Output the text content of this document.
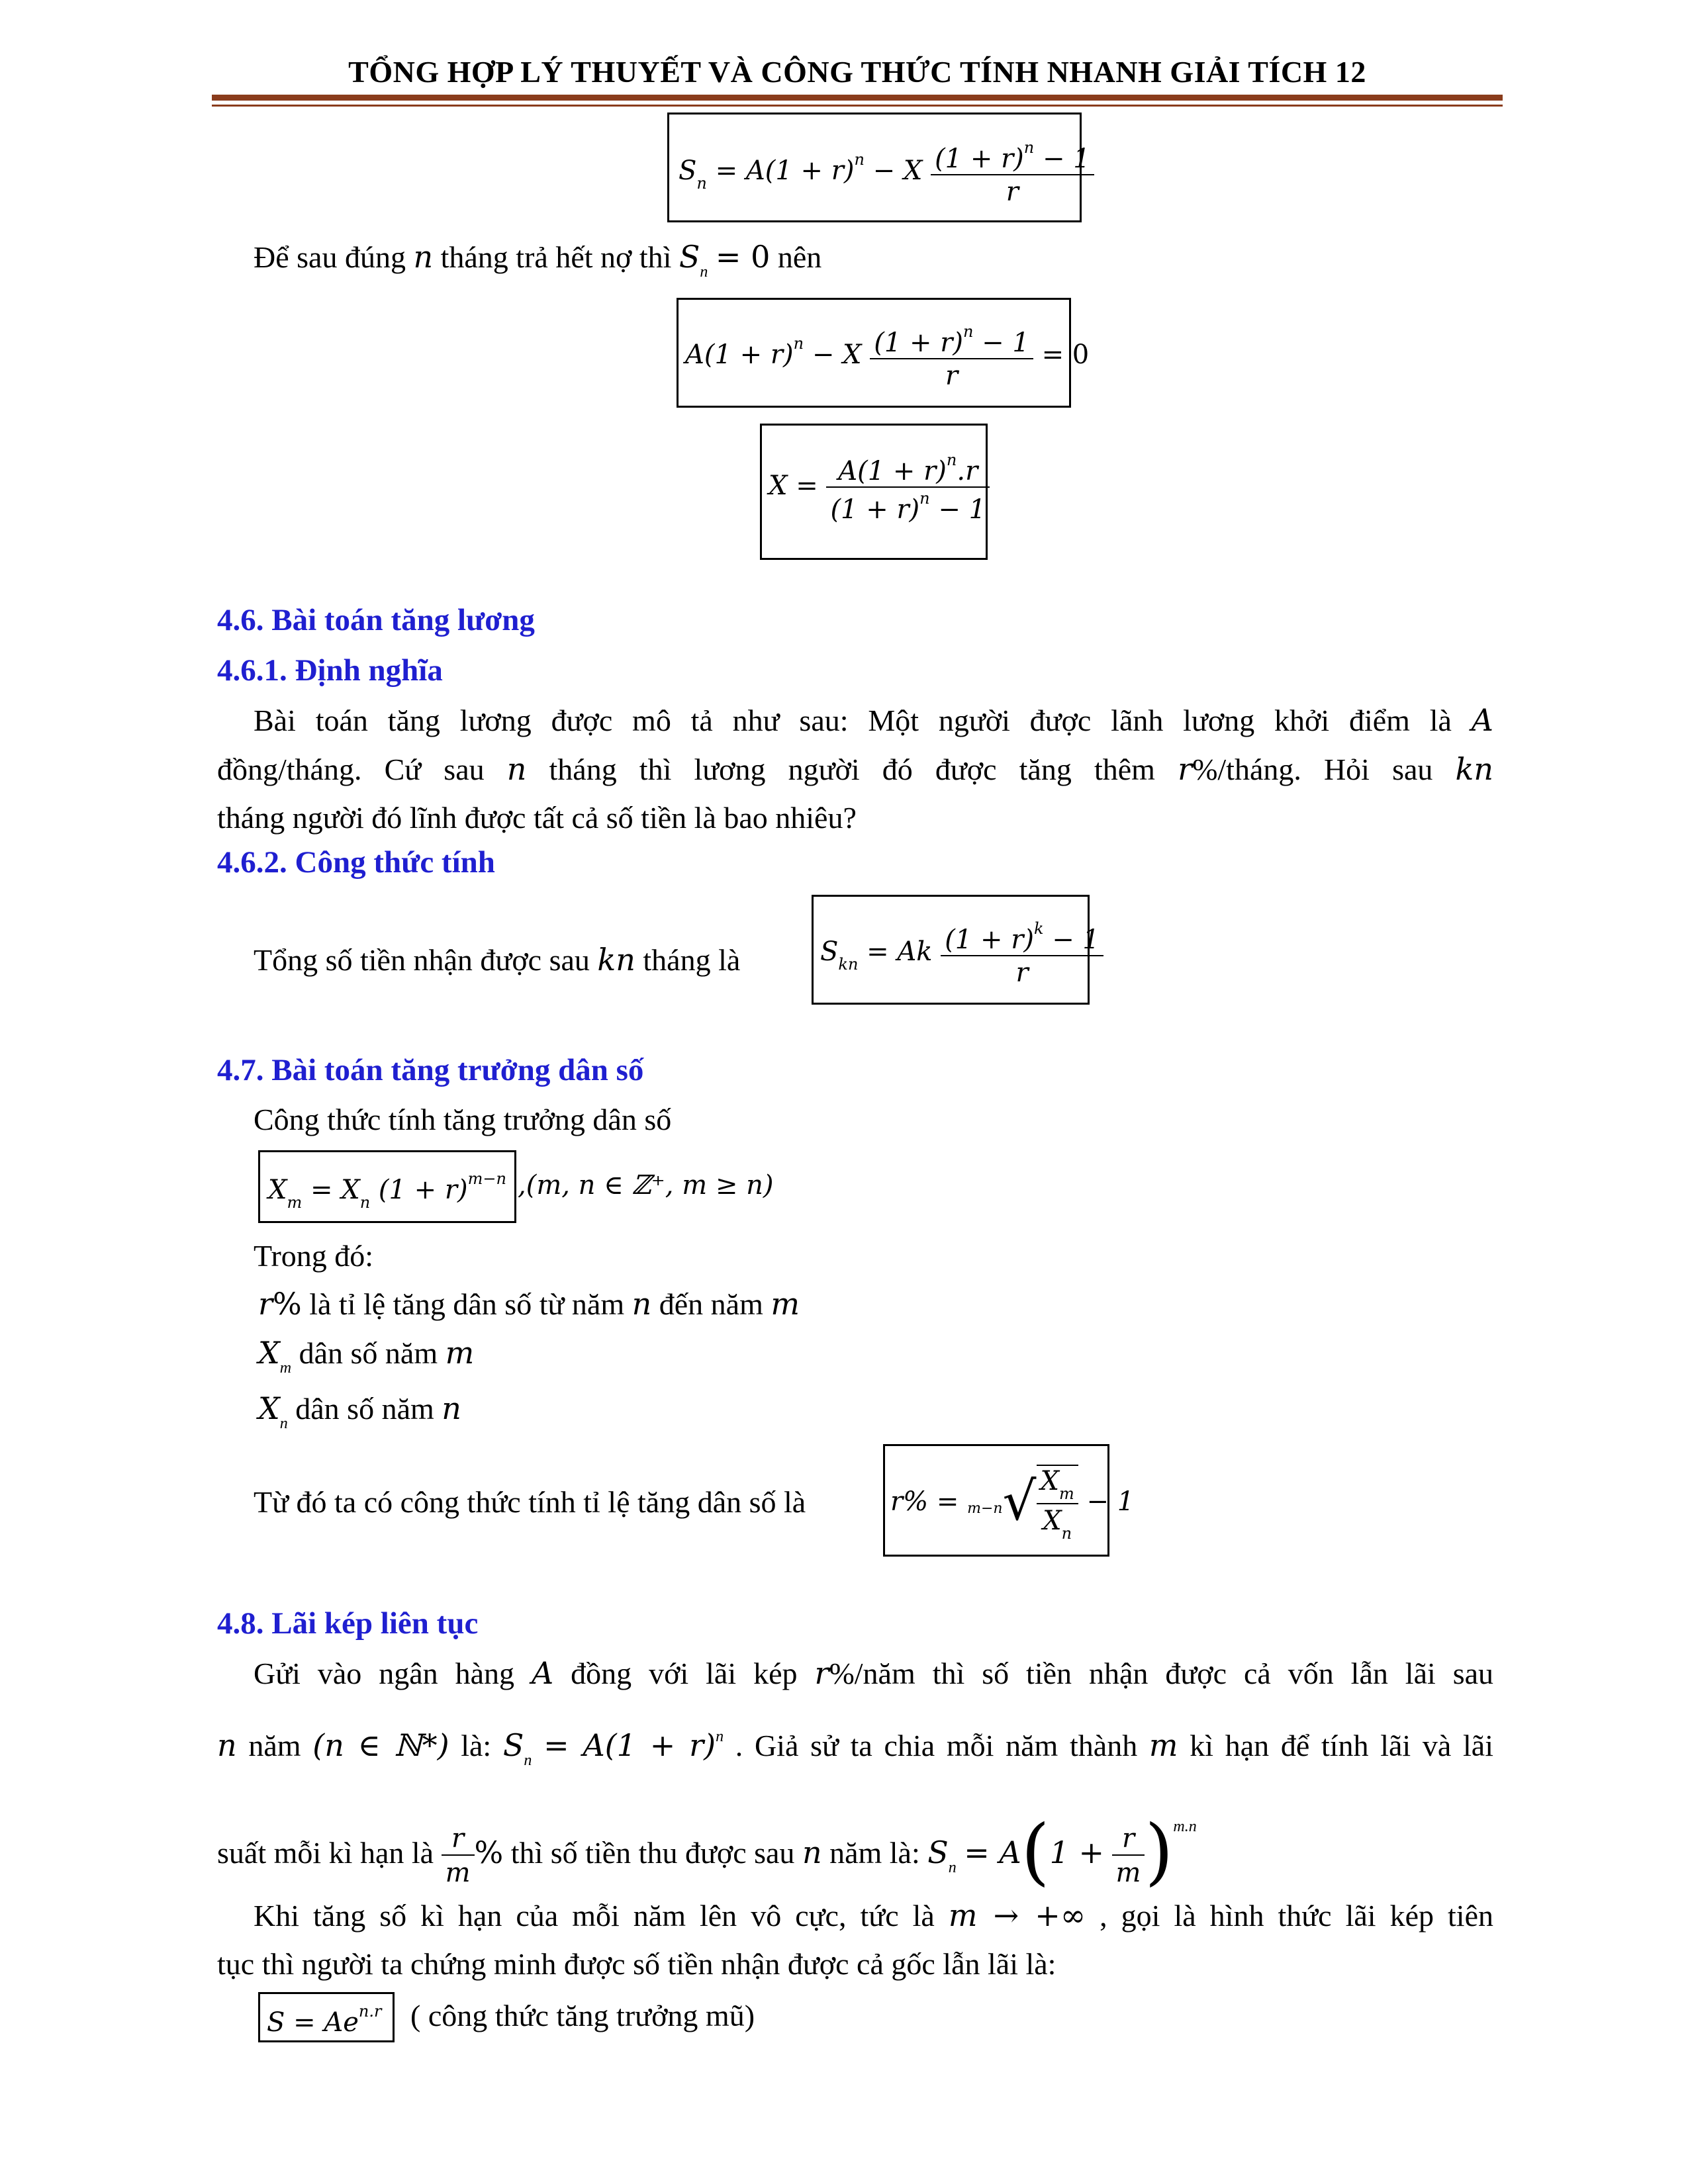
TỔNG HỢP LÝ THUYẾT VÀ CÔNG THỨC TÍNH NHANH GIẢI TÍCH 12
$S_n = A(1 + r)^n - X \frac{(1 + r)^n - 1}{r}$
Để sau đúng n tháng trả hết nợ thì $S_n = 0$ nên
$A(1 + r)^n - X \frac{(1 + r)^n - 1}{r} = 0$
$X = \frac{A(1 + r)^n.r}{(1 + r)^n - 1}$
4.6. Bài toán tăng lương
4.6.1. Định nghĩa
Bài toán tăng lương được mô tả như sau: Một người được lãnh lương khởi điểm là A
đồng/tháng. Cứ sau n tháng thì lương người đó được tăng thêm r%/tháng. Hỏi sau kn
tháng người đó lĩnh được tất cả số tiền là bao nhiêu?
4.6.2. Công thức tính
Tổng số tiền nhận được sau kn tháng là	$S_{kn} = Ak \frac{(1 + r)^k - 1}{r}$
4.7. Bài toán tăng trưởng dân số
Công thức tính tăng trưởng dân số
$X_m = X_n$ $(1 + r)^{m-n}$ ,(m, n ∈ ℤ⁺, m ≥ n)
Trong đó:
r% là tỉ lệ tăng dân số từ năm n đến năm m
$X_m$ dân số năm m
$X_n$ dân số năm n
Từ đó ta có công thức tính tỉ lệ tăng dân số là	$r\% = m-n√ \frac{X_m}{X_n} - 1$
4.8. Lãi kép liên tục
Gửi vào ngân hàng A đồng với lãi kép r%/năm thì số tiền nhận được cả vốn lẫn lãi sau
n năm (n ∈ ℕ*) là: $S_n = A(1 + r)^n$ . Giả sử ta chia mỗi năm thành m kì hạn để tính lãi và lãi
suất mỗi kì hạn là $\frac{r}{m}$ % thì số tiền thu được sau n năm là: $S_n = A(1 + \frac{r}{m} )^{m.n}$
Khi tăng số kì hạn của mỗi năm lên vô cực, tức là m → +∞ , gọi là hình thức lãi kép tiên
tục thì người ta chứng minh được số tiền nhận được cả gốc lẫn lãi là:
$S = Ae^{n.r}$ ( công thức tăng trưởng mũ)
